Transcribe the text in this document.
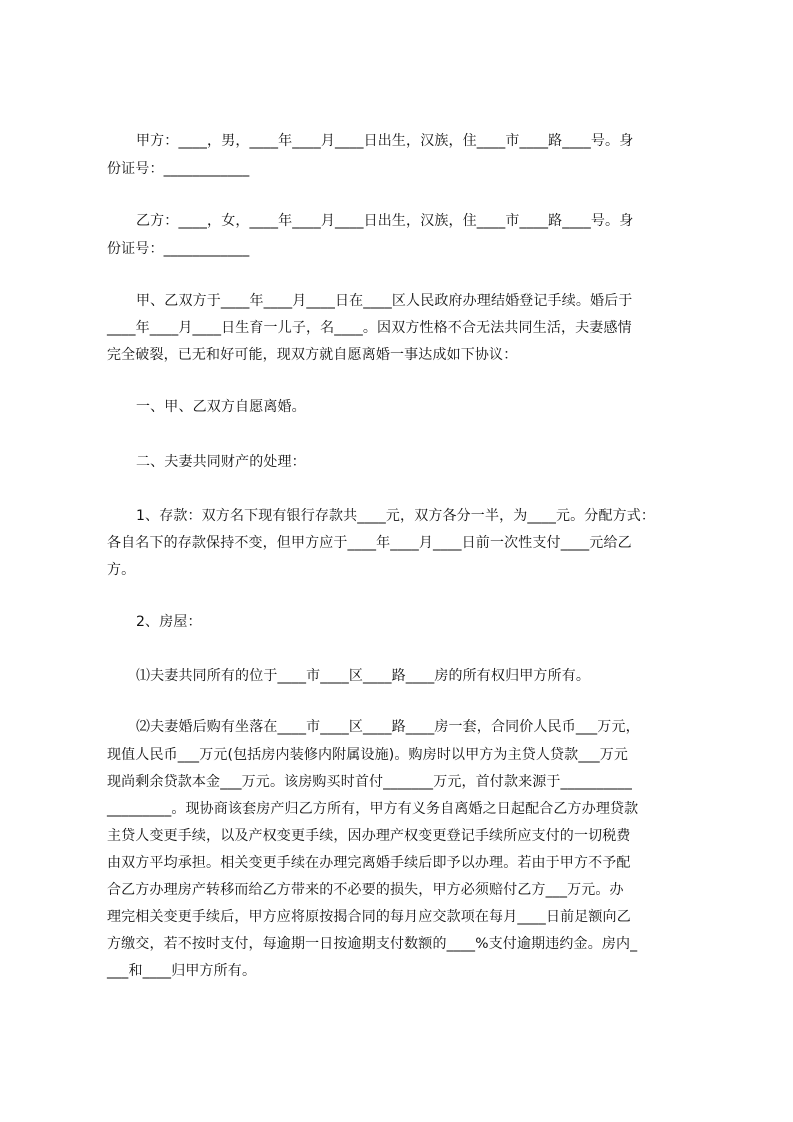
甲方：____，男，____年____月____日出生，汉族，住____市____路____号。身
份证号：____________
乙方：____，女，____年____月____日出生，汉族，住____市____路____号。身
份证号：____________
甲、乙双方于____年____月____日在____区人民政府办理结婚登记手续。婚后于
____年____月____日生育一儿子，名____。因双方性格不合无法共同生活，夫妻感情
完全破裂，已无和好可能，现双方就自愿离婚一事达成如下协议：
一、甲、乙双方自愿离婚。
二、夫妻共同财产的处理：
1、存款：双方名下现有银行存款共____元，双方各分一半，为____元。分配方式：
各自名下的存款保持不变，但甲方应于____年____月____日前一次性支付____元给乙
方。
2、房屋：
⑴夫妻共同所有的位于____市____区____路____房的所有权归甲方所有。
⑵夫妻婚后购有坐落在____市____区____路____房一套，合同价人民币___万元，
现值人民币___万元(包括房内装修内附属设施)。购房时以甲方为主贷人贷款___万元
现尚剩余贷款本金___万元。该房购买时首付_______万元，首付款来源于__________
_________。现协商该套房产归乙方所有，甲方有义务自离婚之日起配合乙方办理贷款
主贷人变更手续，以及产权变更手续，因办理产权变更登记手续所应支付的一切税费
由双方平均承担。相关变更手续在办理完离婚手续后即予以办理。若由于甲方不予配
合乙方办理房产转移而给乙方带来的不必要的损失，甲方必须赔付乙方___万元。办
理完相关变更手续后，甲方应将原按揭合同的每月应交款项在每月____日前足额向乙
方缴交，若不按时支付，每逾期一日按逾期支付数额的____%支付逾期违约金。房内_
___和____归甲方所有。
